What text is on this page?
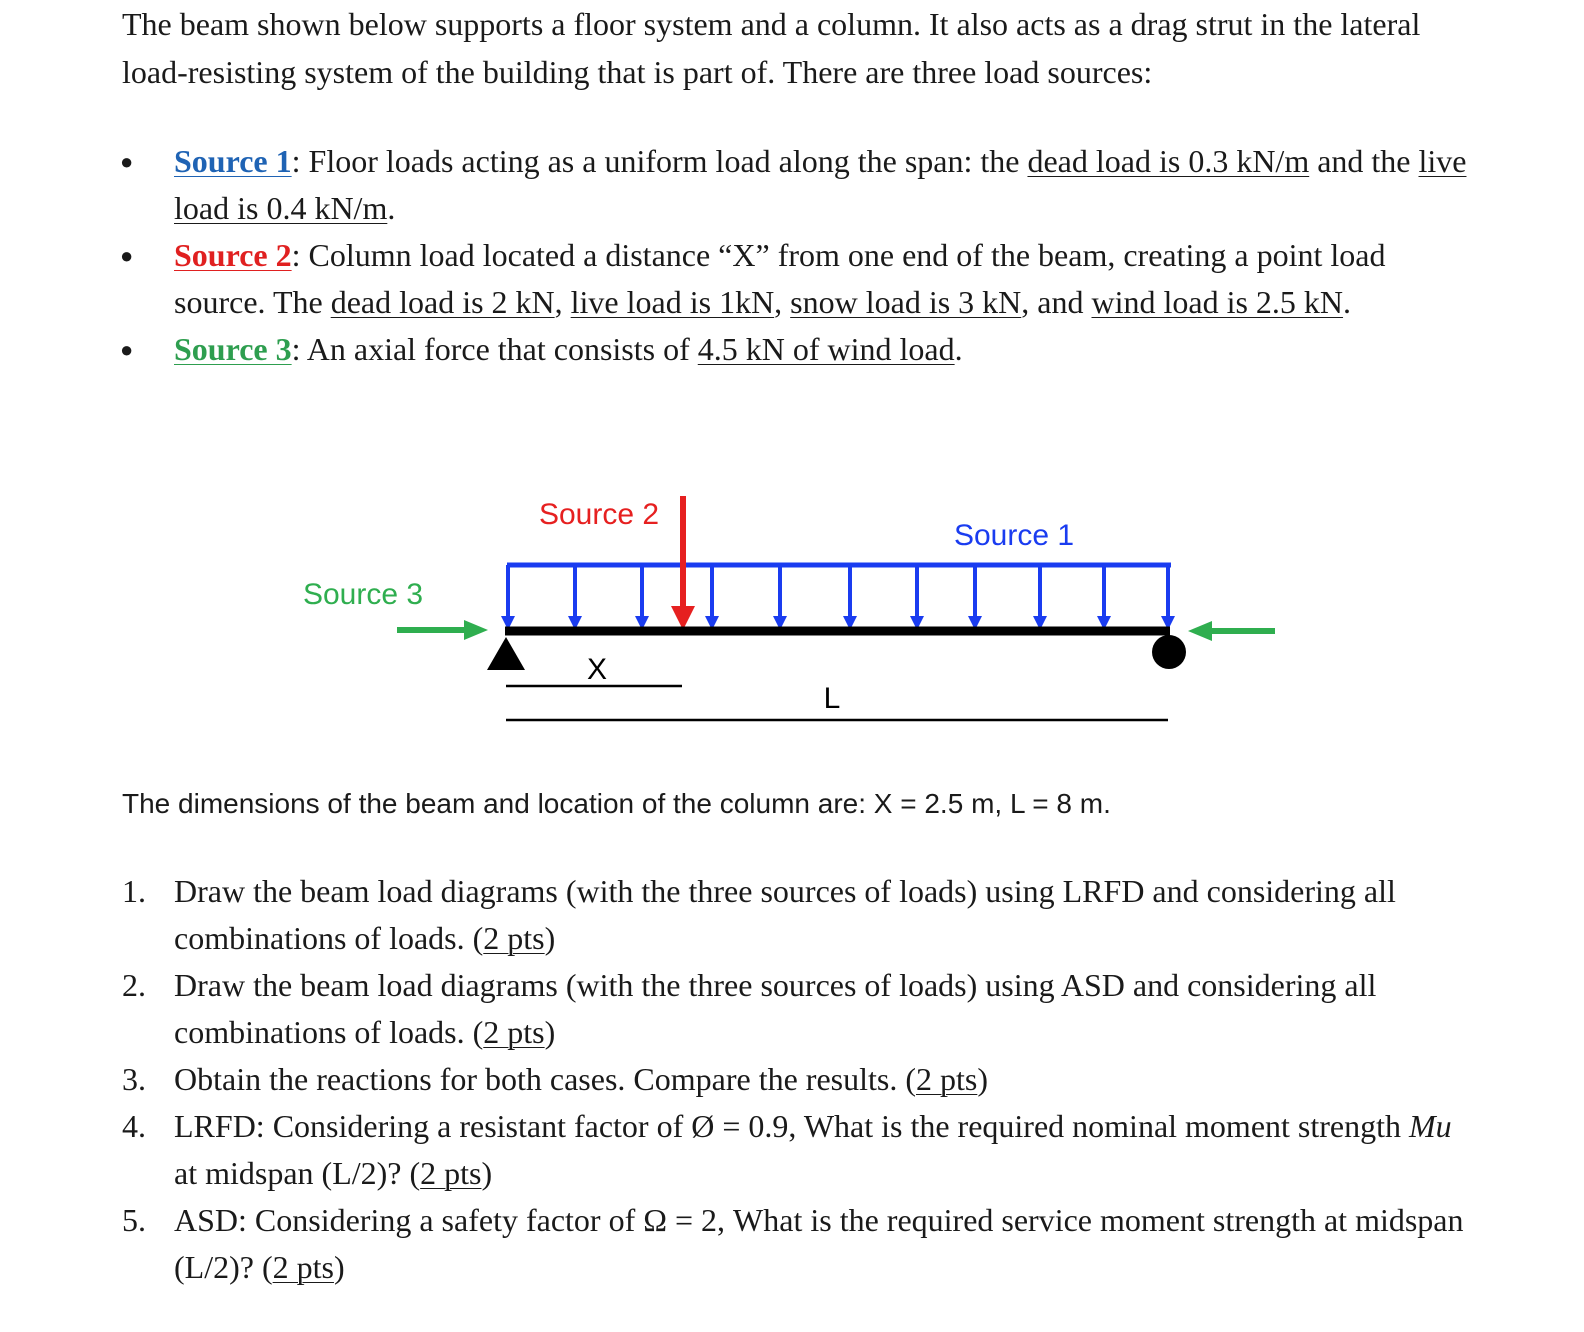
The beam shown below supports a floor system and a column. It also acts as a drag strut in the lateral load-resisting system of the building that is part of. There are three load sources:
● Source 1: Floor loads acting as a uniform load along the span: the dead load is 0.3 kN/m and the live load is 0.4 kN/m.
● Source 2: Column load located a distance “X” from one end of the beam, creating a point load source. The dead load is 2 kN, live load is 1kN, snow load is 3 kN, and wind load is 2.5 kN.
● Source 3: An axial force that consists of 4.5 kN of wind load.
Source 2
Source 1
Source 3
X
L
The dimensions of the beam and location of the column are: X = 2.5 m, L = 8 m.
1. Draw the beam load diagrams (with the three sources of loads) using LRFD and considering all combinations of loads. (2 pts)
2. Draw the beam load diagrams (with the three sources of loads) using ASD and considering all combinations of loads. (2 pts)
3. Obtain the reactions for both cases. Compare the results. (2 pts)
4. LRFD: Considering a resistant factor of Ø = 0.9, What is the required nominal moment strength Mu at midspan (L/2)? (2 pts)
5. ASD: Considering a safety factor of Ω = 2, What is the required service moment strength at midspan (L/2)? (2 pts)
